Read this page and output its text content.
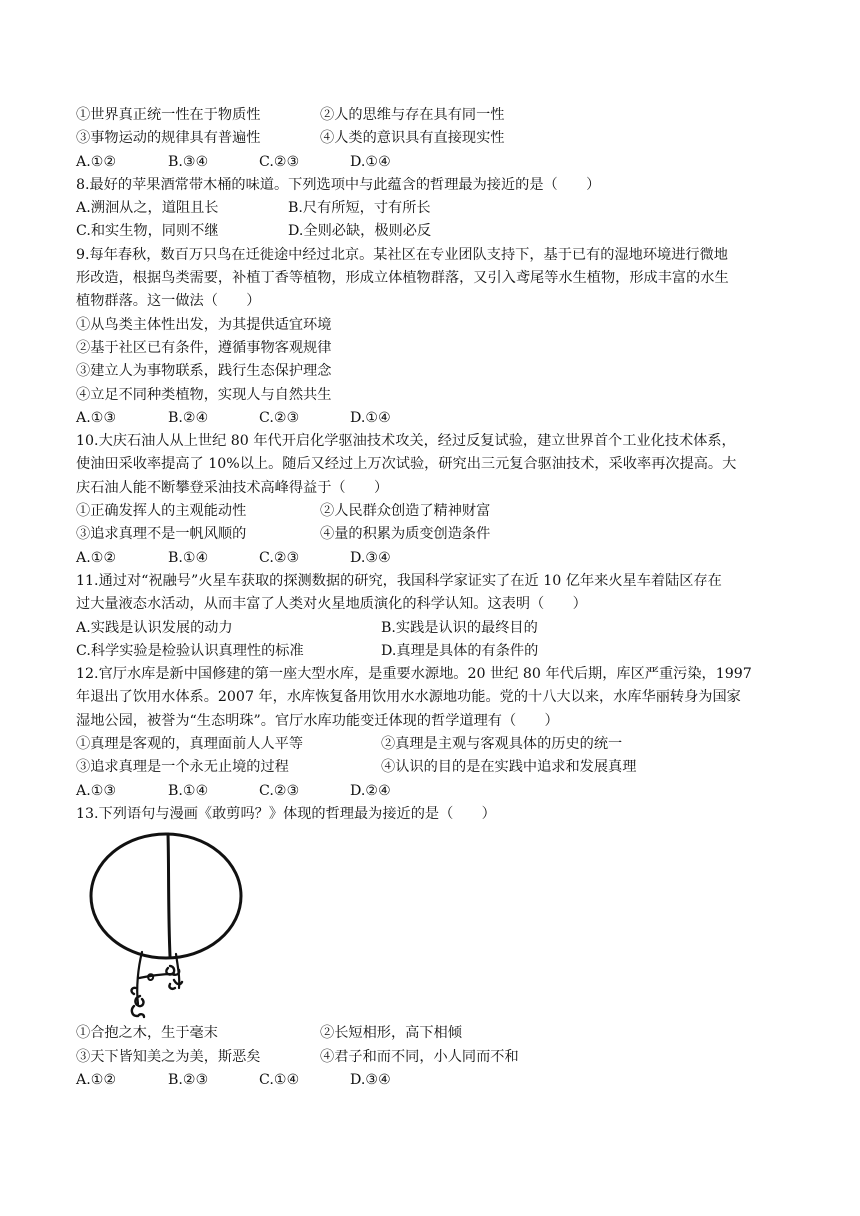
①世界真正统一性在于物质性	②人的思维与存在具有同一性
③事物运动的规律具有普遍性	④人类的意识具有直接现实性
A.①②	B.③④	C.②③	D.①④
8.最好的苹果酒常带木桶的味道。下列选项中与此蕴含的哲理最为接近的是（　　）
A.溯洄从之，道阻且长	B.尺有所短，寸有所长
C.和实生物，同则不继	D.全则必缺，极则必反
9.每年春秋，数百万只鸟在迁徙途中经过北京。某社区在专业团队支持下，基于已有的湿地环境进行微地
形改造，根据鸟类需要，补植丁香等植物，形成立体植物群落，又引入鸢尾等水生植物，形成丰富的水生
植物群落。这一做法（　　）
①从鸟类主体性出发，为其提供适宜环境
②基于社区已有条件，遵循事物客观规律
③建立人为事物联系，践行生态保护理念
④立足不同种类植物，实现人与自然共生
A.①③	B.②④	C.②③	D.①④
10.大庆石油人从上世纪 80 年代开启化学驱油技术攻关，经过反复试验，建立世界首个工业化技术体系，
使油田采收率提高了 10%以上。随后又经过上万次试验，研究出三元复合驱油技术，采收率再次提高。大
庆石油人能不断攀登采油技术高峰得益于（　　）
①正确发挥人的主观能动性	②人民群众创造了精神财富
③追求真理不是一帆风顺的	④量的积累为质变创造条件
A.①②	B.①④	C.②③	D.③④
11.通过对“祝融号”火星车获取的探测数据的研究，我国科学家证实了在近 10 亿年来火星车着陆区存在
过大量液态水活动，从而丰富了人类对火星地质演化的科学认知。这表明（　　）
A.实践是认识发展的动力	B.实践是认识的最终目的
C.科学实验是检验认识真理性的标准	D.真理是具体的有条件的
12.官厅水库是新中国修建的第一座大型水库，是重要水源地。20 世纪 80 年代后期，库区严重污染，1997
年退出了饮用水体系。2007 年，水库恢复备用饮用水水源地功能。党的十八大以来，水库华丽转身为国家
湿地公园，被誉为“生态明珠”。官厅水库功能变迁体现的哲学道理有（　　）
①真理是客观的，真理面前人人平等	②真理是主观与客观具体的历史的统一
③追求真理是一个永无止境的过程	④认识的目的是在实践中追求和发展真理
A.①③	B.①④	C.②③	D.②④
13.下列语句与漫画《敢剪吗？》体现的哲理最为接近的是（　　）
①合抱之木，生于毫末	②长短相形，高下相倾
③天下皆知美之为美，斯恶矣	④君子和而不同，小人同而不和
A.①②	B.②③	C.①④	D.③④
